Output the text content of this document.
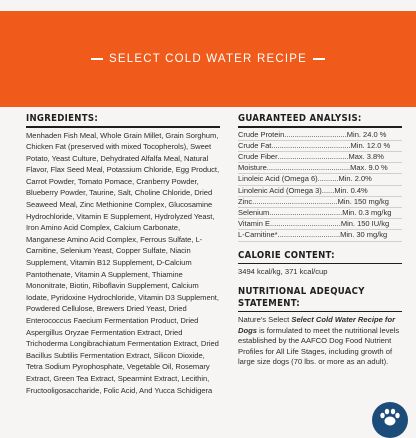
SELECT COLD WATER RECIPE
INGREDIENTS:
Menhaden Fish Meal, Whole Grain Millet, Grain Sorghum, Chicken Fat (preserved with mixed Tocopherols), Sweet Potato, Yeast Culture, Dehydrated Alfalfa Meal, Natural Flavor, Flax Seed Meal, Potassium Chloride, Egg Product, Carrot Powder, Tomato Pomace, Cranberry Powder, Blueberry Powder, Taurine, Salt, Choline Chloride, Dried Seaweed Meal, Zinc Methionine Complex, Glucosamine Hydrochloride, Vitamin E Supplement, Hydrolyzed Yeast, Iron Amino Acid Complex, Calcium Carbonate, Manganese Amino Acid Complex, Ferrous Sulfate, L-Carnitine, Selenium Yeast, Copper Sulfate, Niacin Supplement, Vitamin B12 Supplement, D-Calcium Pantothenate, Vitamin A Supplement, Thiamine Mononitrate, Biotin, Riboflavin Supplement, Calcium Iodate, Pyridoxine Hydrochloride, Vitamin D3 Supplement, Powdered Cellulose, Brewers Dried Yeast, Dried Enterococcus Faecium Fermentation Product, Dried Aspergillus Oryzae Fermentation Extract, Dried Trichoderma Longibrachiatum Fermentation Extract, Dried Bacillus Subtilis Fermentation Extract, Silicon Dioxide, Tetra Sodium Pyrophosphate, Vegetable Oil, Rosemary Extract, Green Tea Extract, Spearmint Extract, Lecithin, Fructooligosaccharide, Folic Acid, And Yucca Schidigera
GUARANTEED ANALYSIS:
Crude Protein .............................. Min. 24.0 %
Crude Fat ...................................... Min. 12.0 %
Crude Fiber .................................. Max. 3.8%
Moisture ........................................ Max. 9.0 %
Linoleic Acid (Omega 6) .......... Min. 2.0%
Linolenic Acid (Omega 3) ...... Min. 0.4%
Zinc ......................................... Min. 150 mg/kg
Selenium ................................... Min. 0.3 mg/kg
Vitamin E .................................. Min. 150 IU/kg
L-Carnitine* .............................. Min. 30 mg/kg
CALORIE CONTENT:
3494 kcal/kg, 371 kcal/cup
NUTRITIONAL ADEQUACY STATEMENT:
Nature's Select Select Cold Water Recipe for Dogs is formulated to meet the nutritional levels established by the AAFCO Dog Food Nutrient Profiles for All Life Stages, including growth of large size dogs (70 lbs. or more as an adult).
